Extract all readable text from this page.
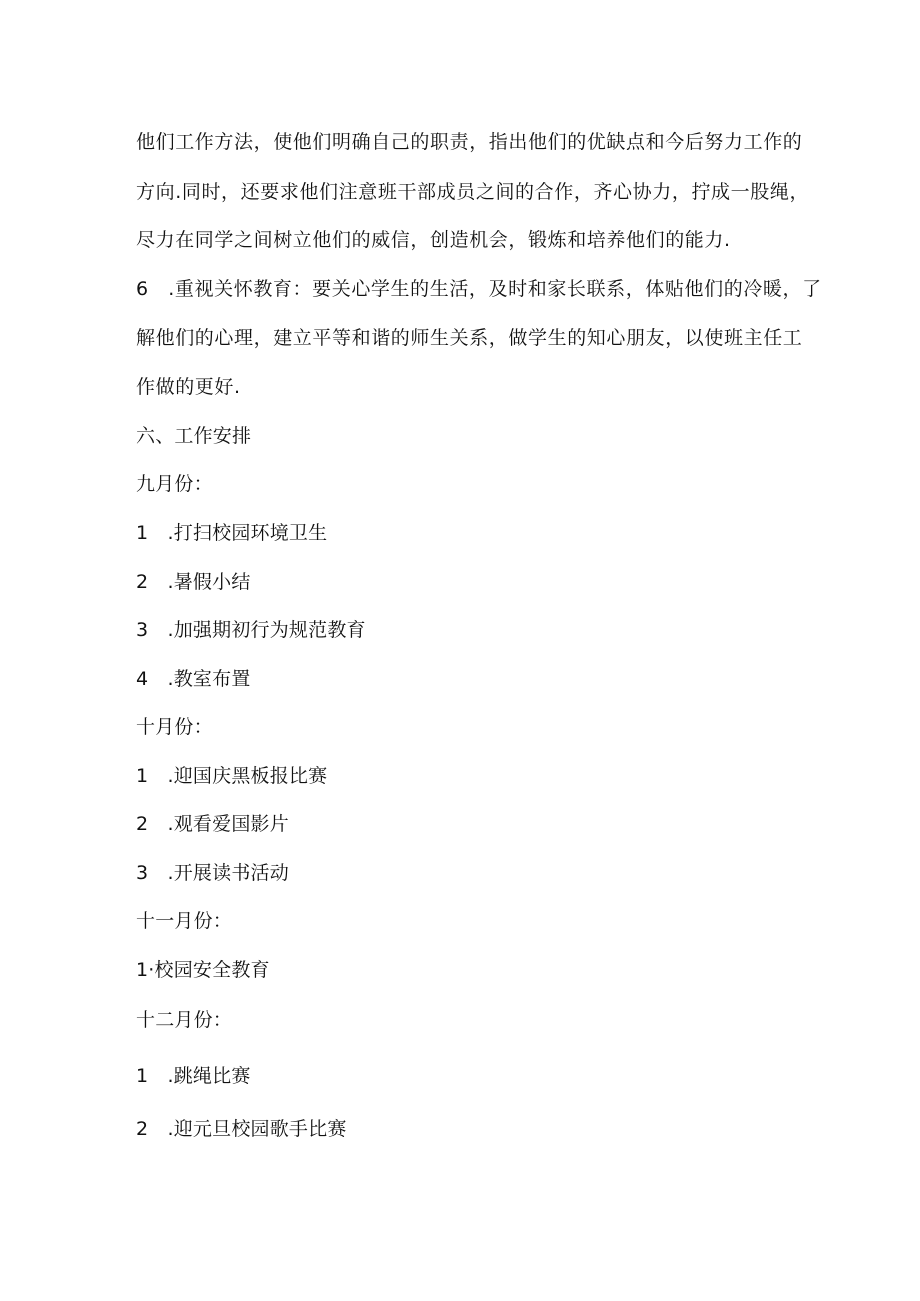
他们工作方法，使他们明确自己的职责，指出他们的优缺点和今后努力工作的
方向.同时，还要求他们注意班干部成员之间的合作，齐心协力，拧成一股绳，
尽力在同学之间树立他们的威信，创造机会，锻炼和培养他们的能力.
6　.重视关怀教育：要关心学生的生活，及时和家长联系，体贴他们的冷暖，了
解他们的心理，建立平等和谐的师生关系，做学生的知心朋友，以使班主任工
作做的更好.
六、工作安排
九月份：
1　.打扫校园环境卫生
2　.暑假小结
3　.加强期初行为规范教育
4　.教室布置
十月份：
1　.迎国庆黑板报比赛
2　.观看爱国影片
3　.开展读书活动
十一月份：
1·校园安全教育
十二月份：
1　.跳绳比赛
2　.迎元旦校园歌手比赛
